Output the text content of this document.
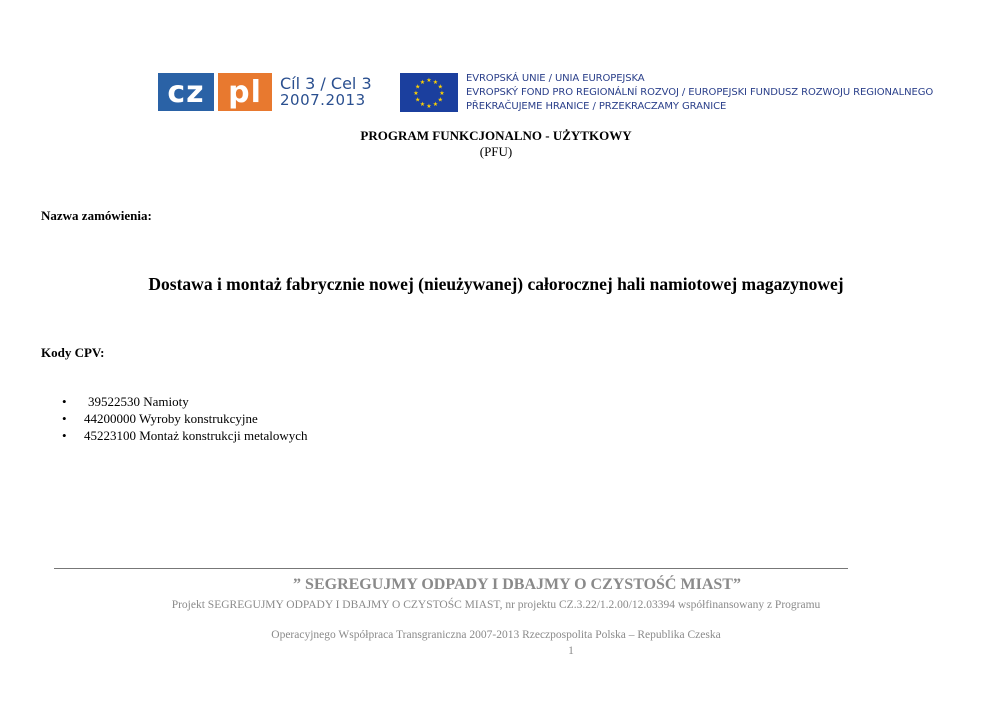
cz pl	Cíl 3 / Cel 3
2007.2013
★ ★
★
★
★
★
★
★
★
★
★
★	EVROPSKÁ UNIE / UNIA EUROPEJSKA
EVROPSKÝ FOND PRO REGIONÁLNÍ ROZVOJ / EUROPEJSKI FUNDUSZ ROZWOJU REGIONALNEGO
PŘEKRAČUJEME HRANICE / PRZEKRACZAMY GRANICE
PROGRAM FUNKCJONALNO - UŻYTKOWY
(PFU)
Nazwa zamówienia:
Dostawa i montaż fabrycznie nowej (nieużywanej) całorocznej hali namiotowej magazynowej
Kody CPV:
• 39522530 Namioty
• 44200000 Wyroby konstrukcyjne
• 45223100 Montaż konstrukcji metalowych
” SEGREGUJMY ODPADY I DBAJMY O CZYSTOŚĆ MIAST”
Projekt SEGREGUJMY ODPADY I DBAJMY O CZYSTOŚC MIAST, nr projektu CZ.3.22/1.2.00/12.03394 współfinansowany z Programu
Operacyjnego Współpraca Transgraniczna 2007-2013 Rzeczpospolita Polska – Republika Czeska
1
